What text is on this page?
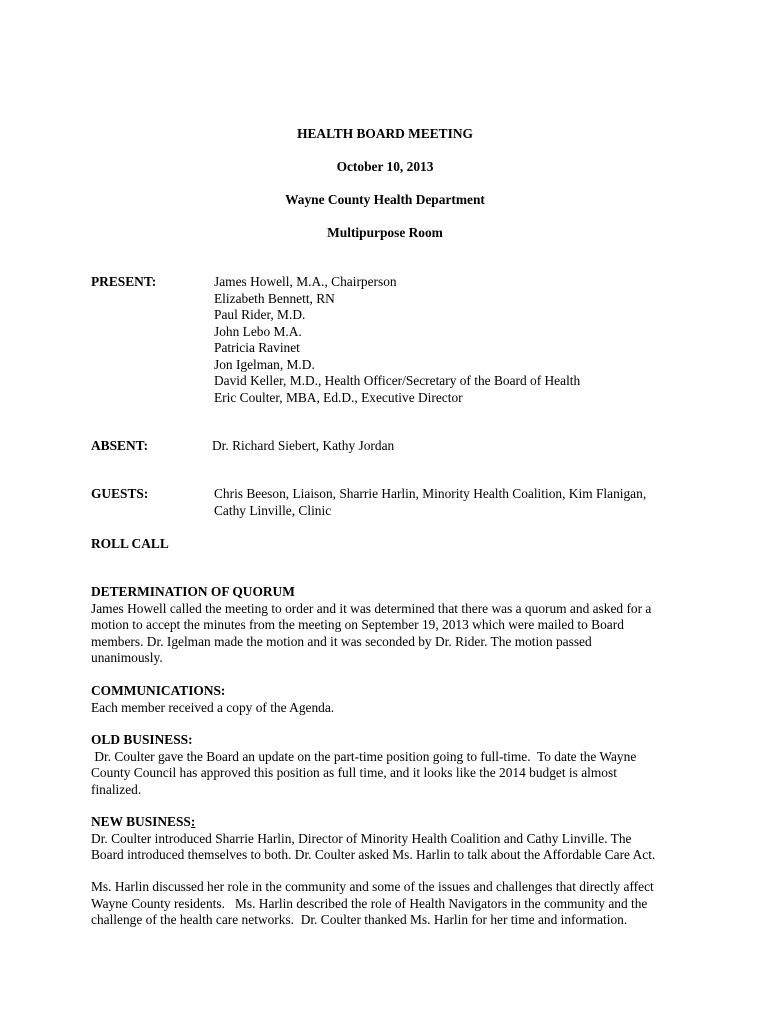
HEALTH BOARD MEETING
October 10, 2013
Wayne County Health Department
Multipurpose Room
PRESENT:	James Howell, M.A., Chairperson
Elizabeth Bennett, RN
Paul Rider, M.D.
John Lebo M.A.
Patricia Ravinet
Jon Igelman, M.D.
David Keller, M.D., Health Officer/Secretary of the Board of Health
Eric Coulter, MBA, Ed.D., Executive Director
ABSENT:	Dr. Richard Siebert, Kathy Jordan
GUESTS:	Chris Beeson, Liaison, Sharrie Harlin, Minority Health Coalition, Kim Flanigan,
Cathy Linville, Clinic
ROLL CALL
DETERMINATION OF QUORUM
James Howell called the meeting to order and it was determined that there was a quorum and asked for a
motion to accept the minutes from the meeting on September 19, 2013 which were mailed to Board
members. Dr. Igelman made the motion and it was seconded by Dr. Rider. The motion passed
unanimously.
COMMUNICATIONS:
Each member received a copy of the Agenda.
OLD BUSINESS:
Dr. Coulter gave the Board an update on the part-time position going to full-time.  To date the Wayne
County Council has approved this position as full time, and it looks like the 2014 budget is almost
finalized.
NEW BUSINESS:
Dr. Coulter introduced Sharrie Harlin, Director of Minority Health Coalition and Cathy Linville. The
Board introduced themselves to both. Dr. Coulter asked Ms. Harlin to talk about the Affordable Care Act.
Ms. Harlin discussed her role in the community and some of the issues and challenges that directly affect
Wayne County residents.   Ms. Harlin described the role of Health Navigators in the community and the
challenge of the health care networks.  Dr. Coulter thanked Ms. Harlin for her time and information.
